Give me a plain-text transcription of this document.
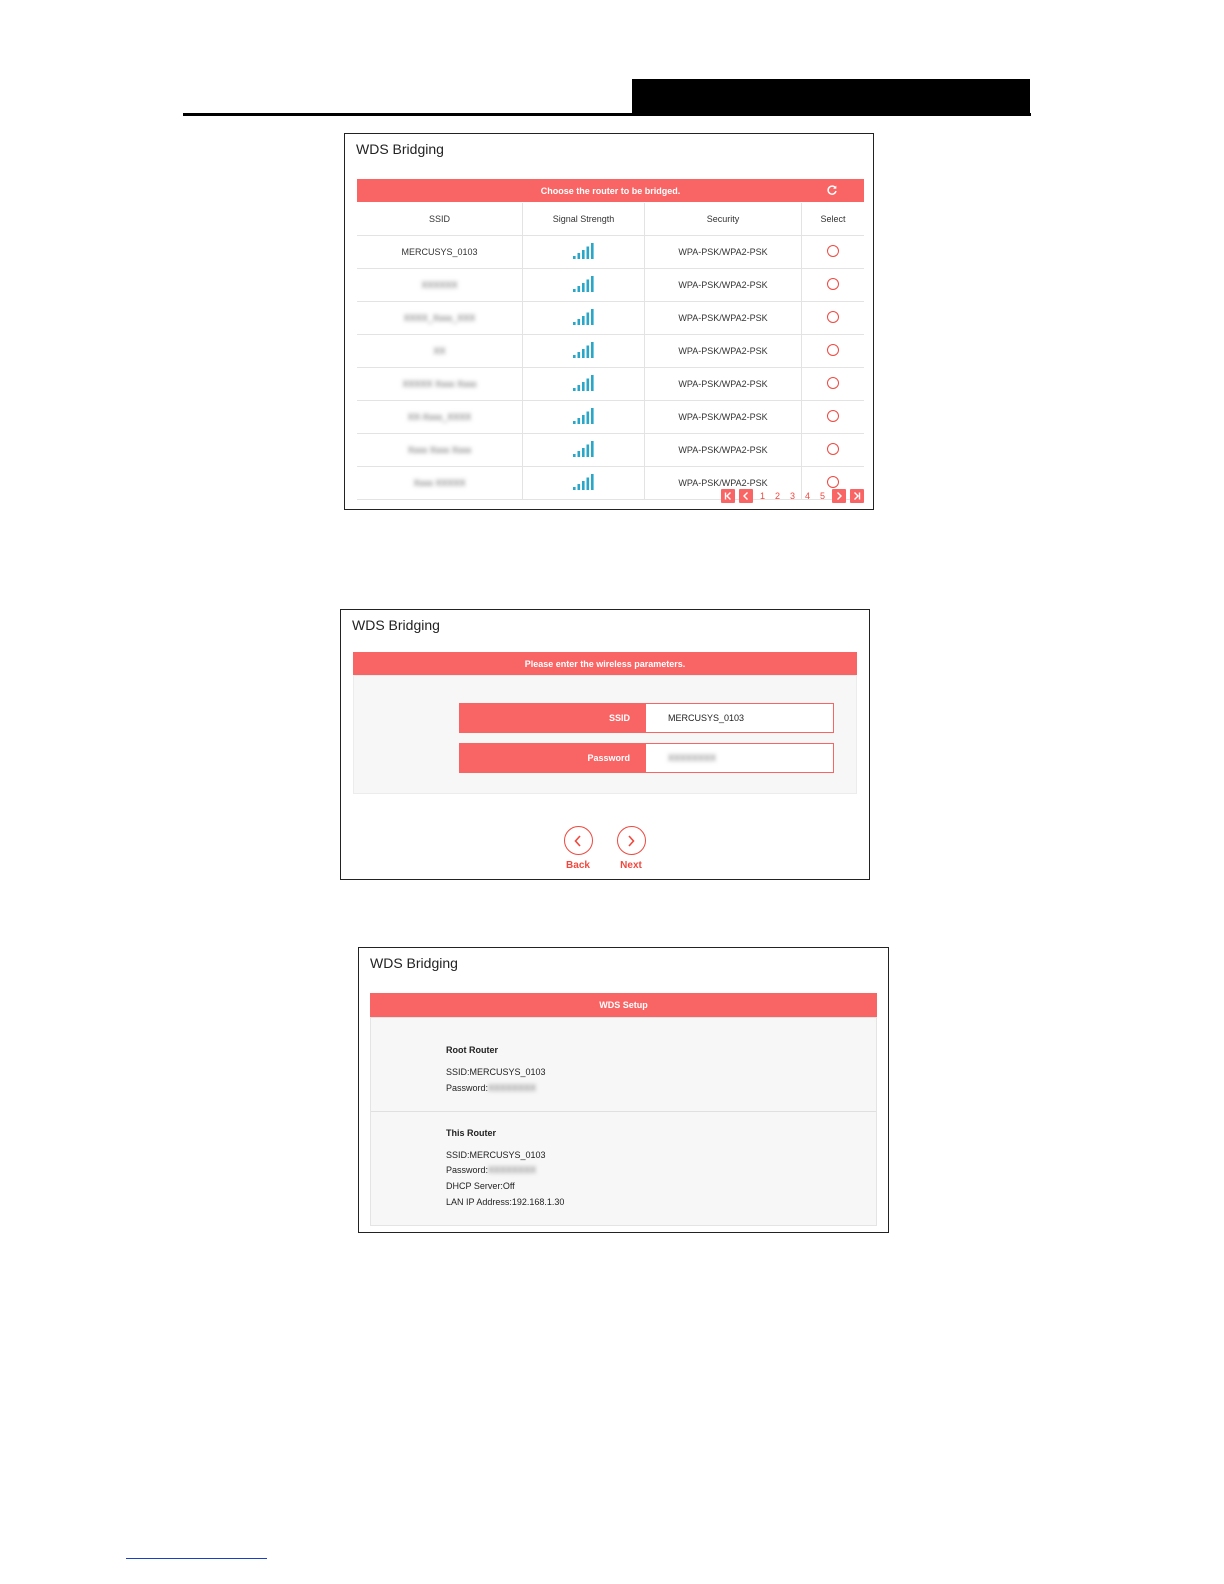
WDS Bridging
Choose the router to be bridged.
SSID	Signal Strength	Security	Select
MERCUSYS_0103		WPA-PSK/WPA2-PSK	
XXXXXX		WPA-PSK/WPA2-PSK	
XXXX_Xxxx_XXX		WPA-PSK/WPA2-PSK	
XX		WPA-PSK/WPA2-PSK	
XXXXX Xxxx Xxxx		WPA-PSK/WPA2-PSK	
XX-Xxxx_XXXX		WPA-PSK/WPA2-PSK	
Xxxx Xxxx Xxxx		WPA-PSK/WPA2-PSK	
Xxxx XXXXX		WPA-PSK/WPA2-PSK	
1	2	3	4	5
WDS Bridging
Please enter the wireless parameters.
SSID	MERCUSYS_0103
Password	XXXXXXXX
Back	Next
WDS Bridging
WDS Setup
Root Router
SSID:MERCUSYS_0103
Password:XXXXXXXX
This Router
SSID:MERCUSYS_0103
Password:XXXXXXXX
DHCP Server:Off
LAN IP Address:192.168.1.30
